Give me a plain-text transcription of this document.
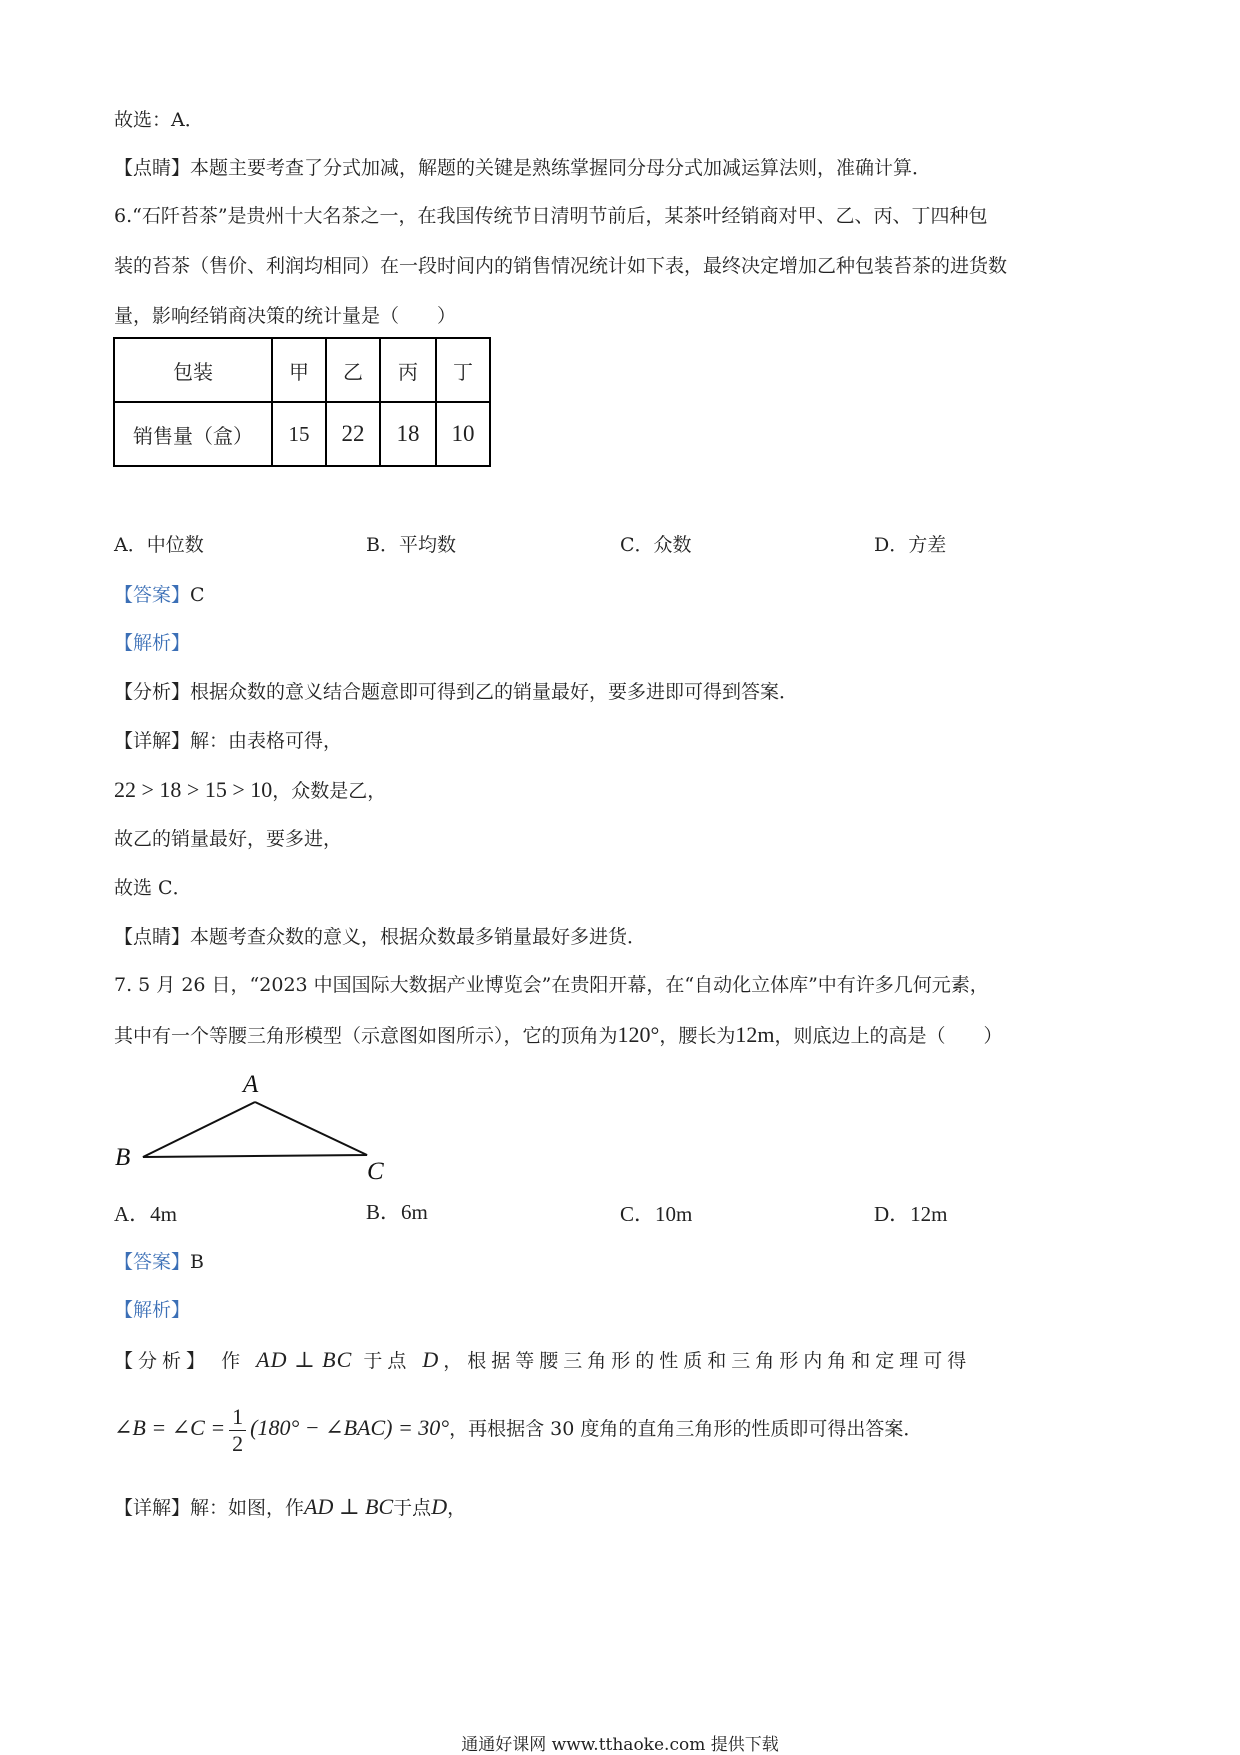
故选：A．
【点睛】本题主要考查了分式加减，解题的关键是熟练掌握同分母分式加减运算法则，准确计算．
6.“石阡苔茶”是贵州十大名茶之一，在我国传统节日清明节前后，某茶叶经销商对甲、乙、丙、丁四种包
装的苔茶（售价、利润均相同）在一段时间内的销售情况统计如下表，最终决定增加乙种包装苔茶的进货数
量，影响经销商决策的统计量是（　　）
包装	甲	乙	丙	丁
销售量（盒）	15	22	18	10
A．中位数	B．平均数	C．众数	D．方差
【答案】C
【解析】
【分析】根据众数的意义结合题意即可得到乙的销量最好，要多进即可得到答案．
【详解】解：由表格可得，
22 > 18 > 15 > 10，众数是乙，
故乙的销量最好，要多进，
故选 C．
【点睛】本题考查众数的意义，根据众数最多销量最好多进货．
7. 5 月 26 日，“2023 中国国际大数据产业博览会”在贵阳开幕，在“自动化立体库”中有许多几何元素，
其中有一个等腰三角形模型（示意图如图所示），它的顶角为120°，腰长为12m，则底边上的高是（　　）
A
B
C
A．4m	B．6m	C．10m	D．12m
【答案】B
【解析】
【分析】 作 AD ⊥ BC 于点 D，根据等腰三角形的性质和三角形内角和定理可得
∠B = ∠C = $\frac{1}{2} (180^\circ$ − ∠BAC) = 30°，再根据含 30 度角的直角三角形的性质即可得出答案．
【详解】解：如图，作AD ⊥ BC于点D，
通通好课网 www.tthaoke.com 提供下载
